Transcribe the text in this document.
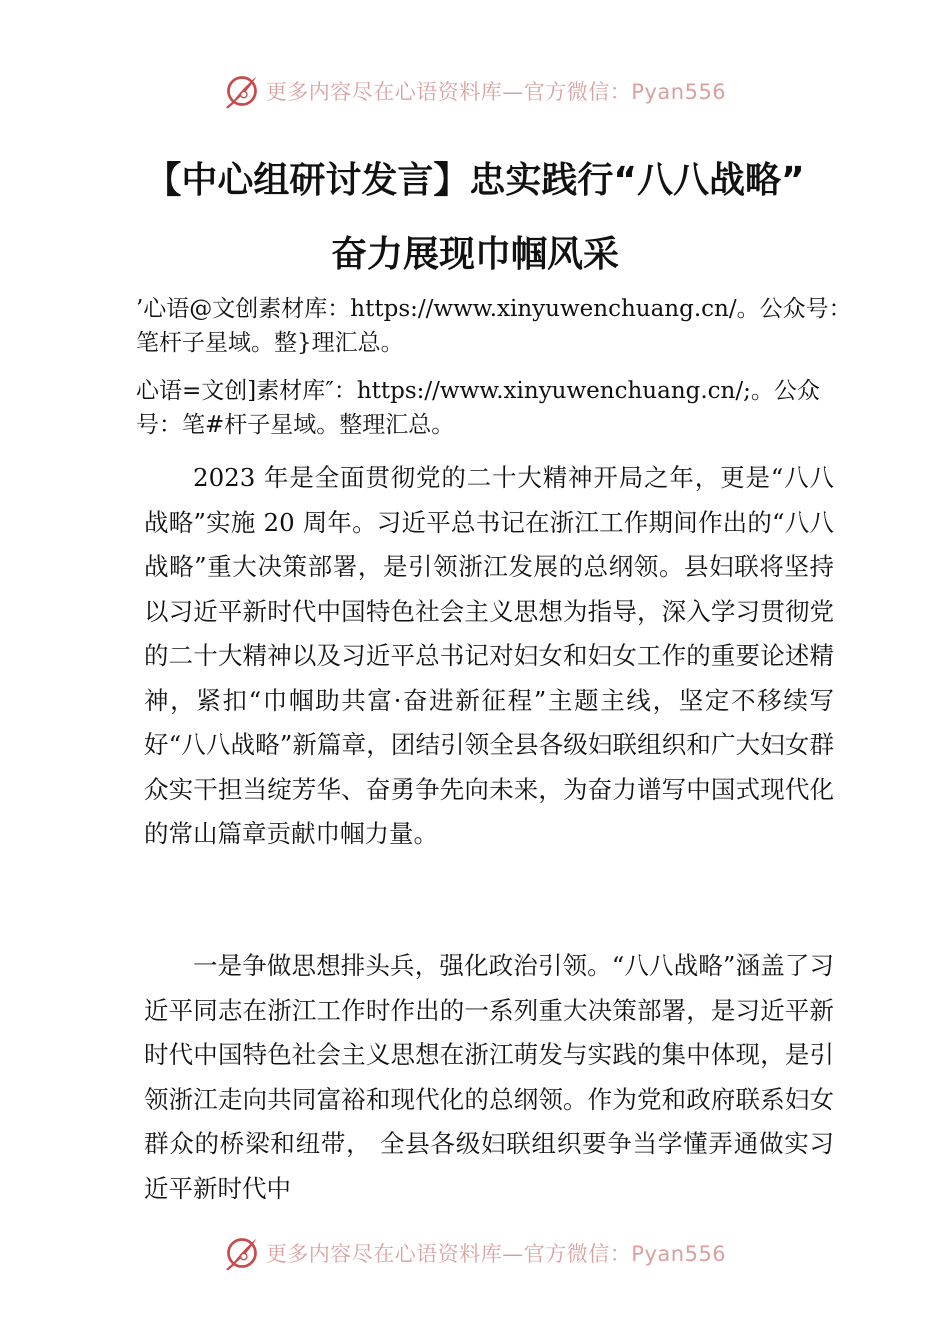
更多内容尽在心语资料库—官方微信：Pyan556
【中心组研讨发言】忠实践行“八八战略”
奋力展现巾帼风采
’心语@文创素材库：https://www.xinyuwenchuang.cn/。公众号：笔杆子星域。整}理汇总。
心语=文创]素材库″：https://www.xinyuwenchuang.cn/;。公众号：笔#杆子星域。整理汇总。
2023 年是全面贯彻党的二十大精神开局之年，更是“八八战略”实施 20 周年。习近平总书记在浙江工作期间作出的“八八战略”重大决策部署，是引领浙江发展的总纲领。县妇联将坚持以习近平新时代中国特色社会主义思想为指导，深入学习贯彻党的二十大精神以及习近平总书记对妇女和妇女工作的重要论述精神，紧扣“巾帼助共富·奋进新征程”主题主线，坚定不移续写好“八八战略”新篇章，团结引领全县各级妇联组织和广大妇女群众实干担当绽芳华、奋勇争先向未来，为奋力谱写中国式现代化的常山篇章贡献巾帼力量。
一是争做思想排头兵，强化政治引领。“八八战略”涵盖了习近平同志在浙江工作时作出的一系列重大决策部署，是习近平新时代中国特色社会主义思想在浙江萌发与实践的集中体现，是引领浙江走向共同富裕和现代化的总纲领。作为党和政府联系妇女群众的桥梁和纽带， 全县各级妇联组织要争当学懂弄通做实习近平新时代中
更多内容尽在心语资料库—官方微信：Pyan556
